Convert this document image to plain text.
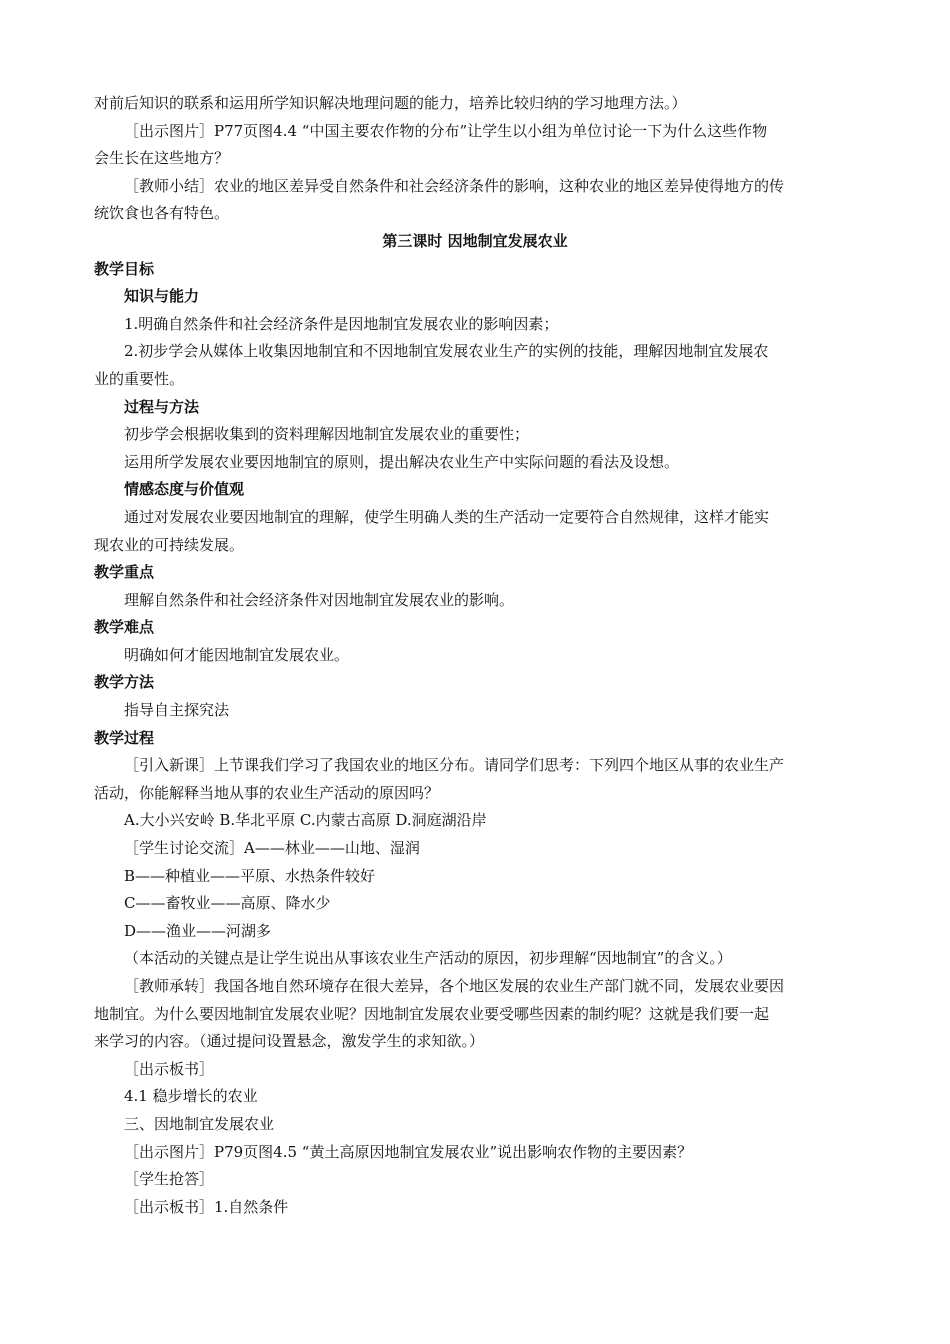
对前后知识的联系和运用所学知识解决地理问题的能力，培养比较归纳的学习地理方法。）
［出示图片］P77页图4.4 “中国主要农作物的分布”让学生以小组为单位讨论一下为什么这些作物
会生长在这些地方？
［教师小结］农业的地区差异受自然条件和社会经济条件的影响，这种农业的地区差异使得地方的传
统饮食也各有特色。
第三课时 因地制宜发展农业
教学目标
知识与能力
1.明确自然条件和社会经济条件是因地制宜发展农业的影响因素；
2.初步学会从媒体上收集因地制宜和不因地制宜发展农业生产的实例的技能，理解因地制宜发展农
业的重要性。
过程与方法
初步学会根据收集到的资料理解因地制宜发展农业的重要性；
运用所学发展农业要因地制宜的原则，提出解决农业生产中实际问题的看法及设想。
情感态度与价值观
通过对发展农业要因地制宜的理解，使学生明确人类的生产活动一定要符合自然规律，这样才能实
现农业的可持续发展。
教学重点
理解自然条件和社会经济条件对因地制宜发展农业的影响。
教学难点
明确如何才能因地制宜发展农业。
教学方法
指导自主探究法
教学过程
［引入新课］上节课我们学习了我国农业的地区分布。请同学们思考：下列四个地区从事的农业生产
活动，你能解释当地从事的农业生产活动的原因吗？
A.大小兴安岭 B.华北平原 C.内蒙古高原 D.洞庭湖沿岸
［学生讨论交流］A——林业——山地、湿润
B——种植业——平原、水热条件较好
C——畜牧业——高原、降水少
D——渔业——河湖多
（本活动的关键点是让学生说出从事该农业生产活动的原因，初步理解“因地制宜”的含义。）
［教师承转］我国各地自然环境存在很大差异，各个地区发展的农业生产部门就不同，发展农业要因
地制宜。为什么要因地制宜发展农业呢？因地制宜发展农业要受哪些因素的制约呢？这就是我们要一起
来学习的内容。（通过提问设置悬念，激发学生的求知欲。）
［出示板书］
4.1 稳步增长的农业
三、因地制宜发展农业
［出示图片］P79页图4.5 “黄土高原因地制宜发展农业”说出影响农作物的主要因素？
［学生抢答］
［出示板书］1.自然条件
